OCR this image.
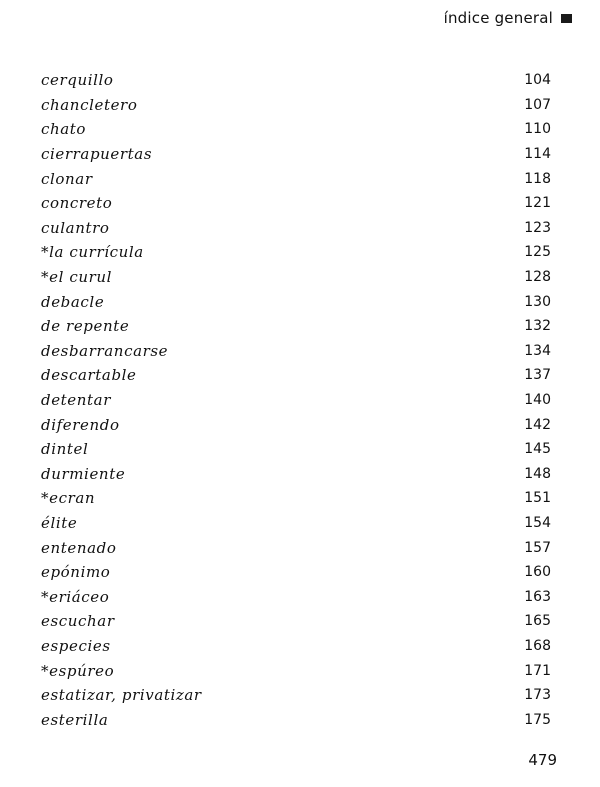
índice general
cerquillo	104
chancletero	107
chato	110
cierrapuertas	114
clonar	118
concreto	121
culantro	123
*la currícula	125
*el curul	128
debacle	130
de repente	132
desbarrancarse	134
descartable	137
detentar	140
diferendo	142
dintel	145
durmiente	148
*ecran	151
élite	154
entenado	157
epónimo	160
*eriáceo	163
escuchar	165
especies	168
*espúreo	171
estatizar, privatizar	173
esterilla	175
479
